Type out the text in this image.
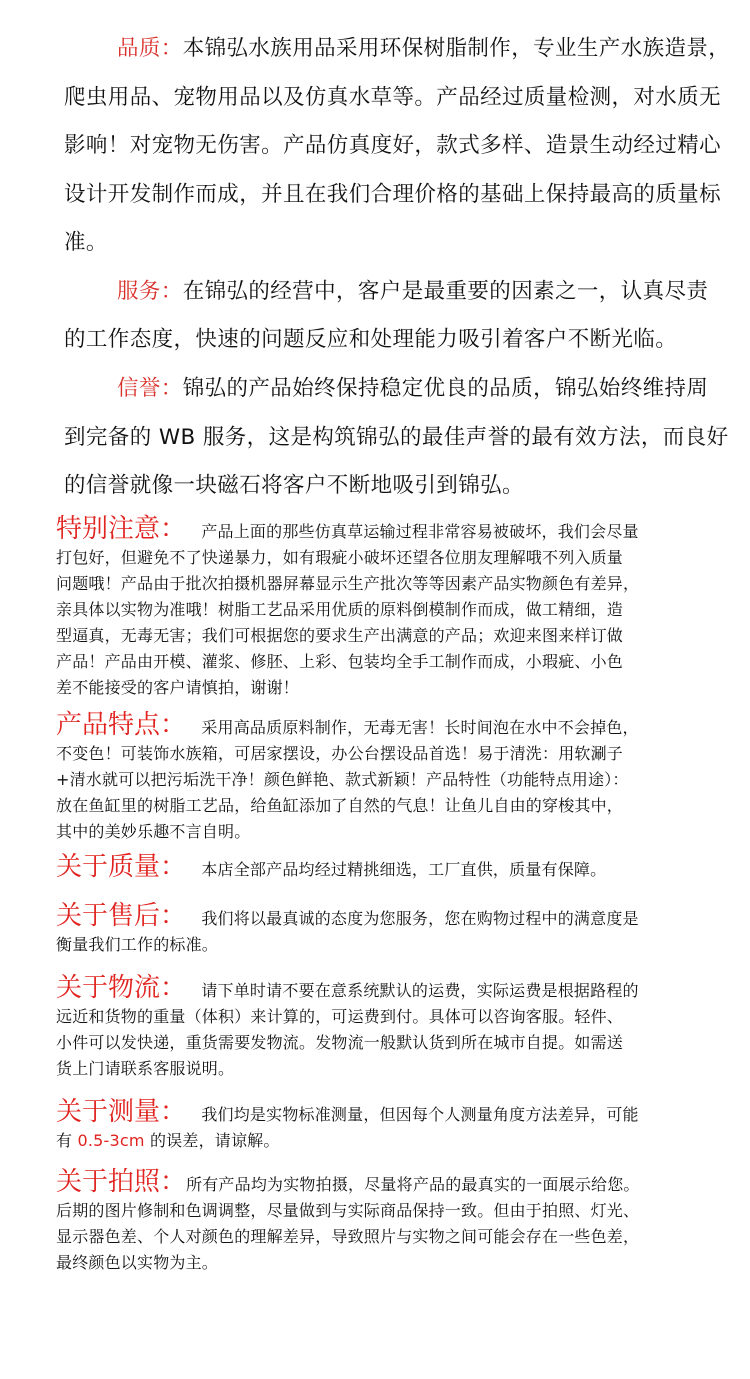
品质：本锦弘水族用品采用环保树脂制作，专业生产水族造景，
爬虫用品、宠物用品以及仿真水草等。产品经过质量检测，对水质无
影响！对宠物无伤害。产品仿真度好，款式多样、造景生动经过精心
设计开发制作而成，并且在我们合理价格的基础上保持最高的质量标
准。
服务：在锦弘的经营中，客户是最重要的因素之一，认真尽责
的工作态度，快速的问题反应和处理能力吸引着客户不断光临。
信誉：锦弘的产品始终保持稳定优良的品质，锦弘始终维持周
到完备的 WB 服务，这是构筑锦弘的最佳声誉的最有效方法，而良好
的信誉就像一块磁石将客户不断地吸引到锦弘。
特别注意： 产品上面的那些仿真草运输过程非常容易被破坏，我们会尽量
打包好，但避免不了快递暴力，如有瑕疵小破坏还望各位朋友理解哦不列入质量
问题哦！产品由于批次拍摄机器屏幕显示生产批次等等因素产品实物颜色有差异，
亲具体以实物为准哦！树脂工艺品采用优质的原料倒模制作而成，做工精细，造
型逼真，无毒无害；我们可根据您的要求生产出满意的产品；欢迎来图来样订做
产品！产品由开模、灌浆、修胚、上彩、包装均全手工制作而成，小瑕疵、小色
差不能接受的客户请慎拍，谢谢！
产品特点： 采用高品质原料制作，无毒无害！长时间泡在水中不会掉色，
不变色！可装饰水族箱，可居家摆设，办公台摆设品首选！易于清洗：用软涮子
+清水就可以把污垢洗干净！颜色鲜艳、款式新颖！产品特性（功能特点用途）：
放在鱼缸里的树脂工艺品，给鱼缸添加了自然的气息！让鱼儿自由的穿梭其中，
其中的美妙乐趣不言自明。
关于质量： 本店全部产品均经过精挑细选，工厂直供，质量有保障。
关于售后： 我们将以最真诚的态度为您服务，您在购物过程中的满意度是
衡量我们工作的标准。
关于物流： 请下单时请不要在意系统默认的运费，实际运费是根据路程的
远近和货物的重量（体积）来计算的，可运费到付。具体可以咨询客服。轻件、
小件可以发快递，重货需要发物流。发物流一般默认货到所在城市自提。如需送
货上门请联系客服说明。
关于测量： 我们均是实物标准测量，但因每个人测量角度方法差异，可能
有 0.5-3cm 的误差，请谅解。
关于拍照：所有产品均为实物拍摄，尽量将产品的最真实的一面展示给您。
后期的图片修制和色调调整，尽量做到与实际商品保持一致。但由于拍照、灯光、
显示器色差、个人对颜色的理解差异，导致照片与实物之间可能会存在一些色差，
最终颜色以实物为主。
